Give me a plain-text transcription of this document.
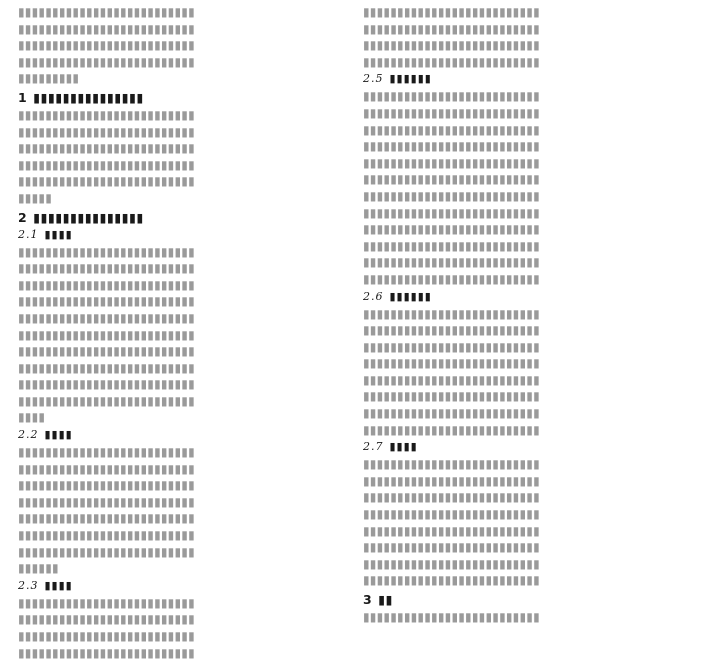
▮▮▮▮▮▮▮▮▮▮▮▮▮▮▮▮▮▮▮▮▮▮▮▮▮▮
▮▮▮▮▮▮▮▮▮▮▮▮▮▮▮▮▮▮▮▮▮▮▮▮▮▮
▮▮▮▮▮▮▮▮▮▮▮▮▮▮▮▮▮▮▮▮▮▮▮▮▮▮
▮▮▮▮▮▮▮▮▮▮▮▮▮▮▮▮▮▮▮▮▮▮▮▮▮▮
▮▮▮▮▮▮▮▮▮
1 ▮▮▮▮▮▮▮▮▮▮▮▮▮▮▮
▮▮▮▮▮▮▮▮▮▮▮▮▮▮▮▮▮▮▮▮▮▮▮▮▮▮
▮▮▮▮▮▮▮▮▮▮▮▮▮▮▮▮▮▮▮▮▮▮▮▮▮▮
▮▮▮▮▮▮▮▮▮▮▮▮▮▮▮▮▮▮▮▮▮▮▮▮▮▮
▮▮▮▮▮▮▮▮▮▮▮▮▮▮▮▮▮▮▮▮▮▮▮▮▮▮
▮▮▮▮▮▮▮▮▮▮▮▮▮▮▮▮▮▮▮▮▮▮▮▮▮▮
▮▮▮▮▮
2 ▮▮▮▮▮▮▮▮▮▮▮▮▮▮▮
2.1 ▮▮▮▮
▮▮▮▮▮▮▮▮▮▮▮▮▮▮▮▮▮▮▮▮▮▮▮▮▮▮
▮▮▮▮▮▮▮▮▮▮▮▮▮▮▮▮▮▮▮▮▮▮▮▮▮▮
▮▮▮▮▮▮▮▮▮▮▮▮▮▮▮▮▮▮▮▮▮▮▮▮▮▮
▮▮▮▮▮▮▮▮▮▮▮▮▮▮▮▮▮▮▮▮▮▮▮▮▮▮
▮▮▮▮▮▮▮▮▮▮▮▮▮▮▮▮▮▮▮▮▮▮▮▮▮▮
▮▮▮▮▮▮▮▮▮▮▮▮▮▮▮▮▮▮▮▮▮▮▮▮▮▮
▮▮▮▮▮▮▮▮▮▮▮▮▮▮▮▮▮▮▮▮▮▮▮▮▮▮
▮▮▮▮▮▮▮▮▮▮▮▮▮▮▮▮▮▮▮▮▮▮▮▮▮▮
▮▮▮▮▮▮▮▮▮▮▮▮▮▮▮▮▮▮▮▮▮▮▮▮▮▮
▮▮▮▮▮▮▮▮▮▮▮▮▮▮▮▮▮▮▮▮▮▮▮▮▮▮
▮▮▮▮
2.2 ▮▮▮▮
▮▮▮▮▮▮▮▮▮▮▮▮▮▮▮▮▮▮▮▮▮▮▮▮▮▮
▮▮▮▮▮▮▮▮▮▮▮▮▮▮▮▮▮▮▮▮▮▮▮▮▮▮
▮▮▮▮▮▮▮▮▮▮▮▮▮▮▮▮▮▮▮▮▮▮▮▮▮▮
▮▮▮▮▮▮▮▮▮▮▮▮▮▮▮▮▮▮▮▮▮▮▮▮▮▮
▮▮▮▮▮▮▮▮▮▮▮▮▮▮▮▮▮▮▮▮▮▮▮▮▮▮
▮▮▮▮▮▮▮▮▮▮▮▮▮▮▮▮▮▮▮▮▮▮▮▮▮▮
▮▮▮▮▮▮▮▮▮▮▮▮▮▮▮▮▮▮▮▮▮▮▮▮▮▮
▮▮▮▮▮▮
2.3 ▮▮▮▮
▮▮▮▮▮▮▮▮▮▮▮▮▮▮▮▮▮▮▮▮▮▮▮▮▮▮
▮▮▮▮▮▮▮▮▮▮▮▮▮▮▮▮▮▮▮▮▮▮▮▮▮▮
▮▮▮▮▮▮▮▮▮▮▮▮▮▮▮▮▮▮▮▮▮▮▮▮▮▮
▮▮▮▮▮▮▮▮▮▮▮▮▮▮▮▮▮▮▮▮▮▮▮▮▮▮
▮▮▮▮▮▮▮▮▮▮▮▮▮▮▮▮▮▮▮▮▮▮▮▮▮▮
▮▮▮▮▮▮▮▮▮▮▮▮▮▮▮▮▮▮▮▮▮▮▮▮▮▮
▮▮▮▮▮▮▮▮▮▮▮▮▮▮▮▮▮▮▮▮▮▮▮▮▮▮
▮▮▮▮▮▮▮▮▮▮▮▮▮▮▮▮▮▮▮▮▮▮▮▮▮▮
2.5 ▮▮▮▮▮▮
▮▮▮▮▮▮▮▮▮▮▮▮▮▮▮▮▮▮▮▮▮▮▮▮▮▮
▮▮▮▮▮▮▮▮▮▮▮▮▮▮▮▮▮▮▮▮▮▮▮▮▮▮
▮▮▮▮▮▮▮▮▮▮▮▮▮▮▮▮▮▮▮▮▮▮▮▮▮▮
▮▮▮▮▮▮▮▮▮▮▮▮▮▮▮▮▮▮▮▮▮▮▮▮▮▮
▮▮▮▮▮▮▮▮▮▮▮▮▮▮▮▮▮▮▮▮▮▮▮▮▮▮
▮▮▮▮▮▮▮▮▮▮▮▮▮▮▮▮▮▮▮▮▮▮▮▮▮▮
▮▮▮▮▮▮▮▮▮▮▮▮▮▮▮▮▮▮▮▮▮▮▮▮▮▮
▮▮▮▮▮▮▮▮▮▮▮▮▮▮▮▮▮▮▮▮▮▮▮▮▮▮
▮▮▮▮▮▮▮▮▮▮▮▮▮▮▮▮▮▮▮▮▮▮▮▮▮▮
▮▮▮▮▮▮▮▮▮▮▮▮▮▮▮▮▮▮▮▮▮▮▮▮▮▮
▮▮▮▮▮▮▮▮▮▮▮▮▮▮▮▮▮▮▮▮▮▮▮▮▮▮
▮▮▮▮▮▮▮▮▮▮▮▮▮▮▮▮▮▮▮▮▮▮▮▮▮▮
2.6 ▮▮▮▮▮▮
▮▮▮▮▮▮▮▮▮▮▮▮▮▮▮▮▮▮▮▮▮▮▮▮▮▮
▮▮▮▮▮▮▮▮▮▮▮▮▮▮▮▮▮▮▮▮▮▮▮▮▮▮
▮▮▮▮▮▮▮▮▮▮▮▮▮▮▮▮▮▮▮▮▮▮▮▮▮▮
▮▮▮▮▮▮▮▮▮▮▮▮▮▮▮▮▮▮▮▮▮▮▮▮▮▮
▮▮▮▮▮▮▮▮▮▮▮▮▮▮▮▮▮▮▮▮▮▮▮▮▮▮
▮▮▮▮▮▮▮▮▮▮▮▮▮▮▮▮▮▮▮▮▮▮▮▮▮▮
▮▮▮▮▮▮▮▮▮▮▮▮▮▮▮▮▮▮▮▮▮▮▮▮▮▮
▮▮▮▮▮▮▮▮▮▮▮▮▮▮▮▮▮▮▮▮▮▮▮▮▮▮
2.7 ▮▮▮▮
▮▮▮▮▮▮▮▮▮▮▮▮▮▮▮▮▮▮▮▮▮▮▮▮▮▮
▮▮▮▮▮▮▮▮▮▮▮▮▮▮▮▮▮▮▮▮▮▮▮▮▮▮
▮▮▮▮▮▮▮▮▮▮▮▮▮▮▮▮▮▮▮▮▮▮▮▮▮▮
▮▮▮▮▮▮▮▮▮▮▮▮▮▮▮▮▮▮▮▮▮▮▮▮▮▮
▮▮▮▮▮▮▮▮▮▮▮▮▮▮▮▮▮▮▮▮▮▮▮▮▮▮
▮▮▮▮▮▮▮▮▮▮▮▮▮▮▮▮▮▮▮▮▮▮▮▮▮▮
▮▮▮▮▮▮▮▮▮▮▮▮▮▮▮▮▮▮▮▮▮▮▮▮▮▮
▮▮▮▮▮▮▮▮▮▮▮▮▮▮▮▮▮▮▮▮▮▮▮▮▮▮
3 ▮▮
▮▮▮▮▮▮▮▮▮▮▮▮▮▮▮▮▮▮▮▮▮▮▮▮▮▮
